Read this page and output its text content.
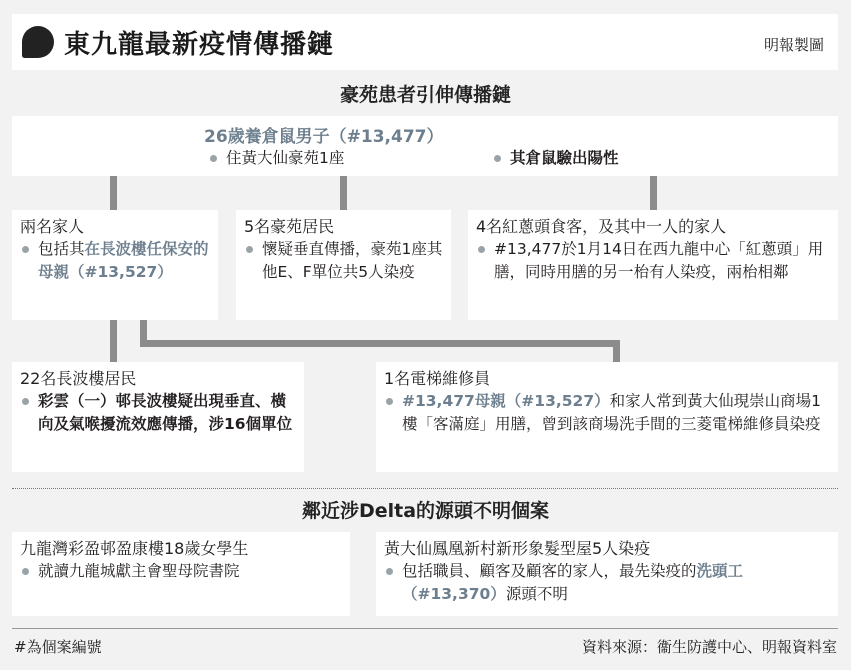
東九龍最新疫情傳播鏈	明報製圖
豪苑患者引伸傳播鏈
26歲養倉鼠男子（#13,477）
住黃大仙豪苑1座	其倉鼠驗出陽性
兩名家人
包括其在長波樓任保安的母親（#13,527）
5名豪苑居民
懷疑垂直傳播，豪苑1座其他E、F單位共5人染疫
4名紅蔥頭食客，及其中一人的家人
#13,477於1月14日在西九龍中心「紅蔥頭」用膳，同時用膳的另一枱有人染疫，兩枱相鄰
22名長波樓居民
彩雲（一）邨長波樓疑出現垂直、橫向及氣喉擾流效應傳播，涉16個單位
1名電梯維修員
#13,477母親（#13,527）和家人常到黃大仙現崇山商場1樓「客滿庭」用膳，曾到該商場洗手間的三菱電梯維修員染疫
鄰近涉Delta的源頭不明個案
九龍灣彩盈邨盈康樓18歲女學生
就讀九龍城獻主會聖母院書院
黃大仙鳳凰新村新形象髮型屋5人染疫
包括職員、顧客及顧客的家人，最先染疫的洗頭工（#13,370）源頭不明
#為個案編號	資料來源：衞生防護中心、明報資料室
